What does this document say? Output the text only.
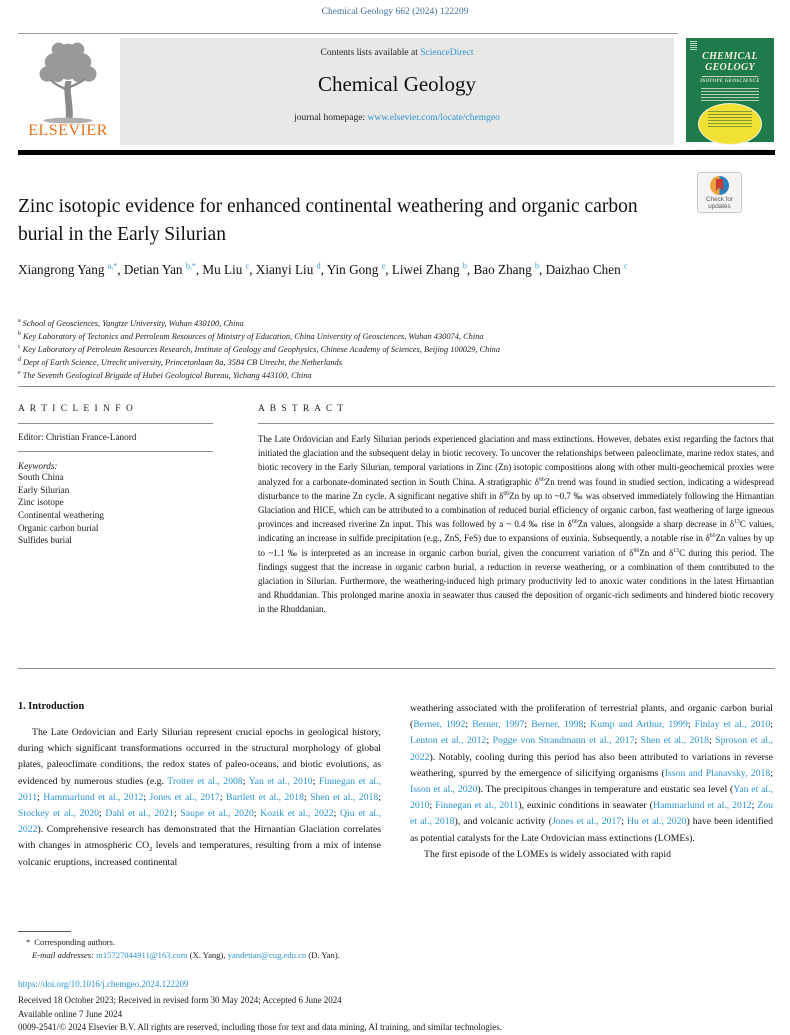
Chemical Geology 662 (2024) 122209
ELSEVIER
Contents lists available at ScienceDirect
Chemical Geology
journal homepage: www.elsevier.com/locate/chemgeo
CHEMICAL
GEOLOGY
ISOTOPE GEOSCIENCE
Check for
updates
Zinc isotopic evidence for enhanced continental weathering and organic carbon burial in the Early Silurian
Xiangrong Yang $^{a,*}$, Detian Yan $^{b,*}$, Mu Liu $^c$, Xianyi Liu $^d$, Yin Gong $^e$, Liwei Zhang $^b$, Bao Zhang $^b$, Daizhao Chen $^c$
$^a$ School of Geosciences, Yangtze University, Wuhan 430100, China
$^b$ Key Laboratory of Tectonics and Petroleum Resources of Ministry of Education, China University of Geosciences, Wuhan 430074, China
$^c$ Key Laboratory of Petroleum Resources Research, Institute of Geology and Geophysics, Chinese Academy of Sciences, Beijing 100029, China
$^d$ Dept of Earth Science, Utrecht university, Princetonlaan 8a, 3584 CB Utrecht, the Netherlands
$^e$ The Seventh Geological Brigade of Hubei Geological Bureau, Yichang 443100, China
A R T I C L E I N F O
Editor: Christian France-Lanord
Keywords:
South China
Early Silurian
Zinc isotope
Continental weathering
Organic carbon burial
Sulfides burial
A B S T R A C T
The Late Ordovician and Early Silurian periods experienced glaciation and mass extinctions. However, debates exist regarding the factors that initiated the glaciation and the subsequent delay in biotic recovery. To uncover the relationships between paleoclimate, marine redox states, and biotic recovery in the Early Silurian, temporal variations in Zinc (Zn) isotopic compositions along with other multi-geochemical proxies were analyzed for a carbonate-dominated section in South China. A stratigraphic $\delta^{66}Zn$ trend was found in studied section, indicating a widespread disturbance to the marine Zn cycle. A significant negative shift in $\delta^{66}Zn$ by up to ~0.7 ‰ was observed immediately following the Hirnantian Glaciation and HICE, which can be attributed to a combination of reduced burial efficiency of organic carbon, fast weathering of large igneous provinces and increased riverine Zn input. This was followed by a ~ 0.4 ‰ rise in $\delta^{66}Zn$ values, alongside a sharp decrease in $\delta^{13}C$ values, indicating an increase in sulfide precipitation (e.g., ZnS, FeS) due to expansions of euxinia. Subsequently, a notable rise in $\delta^{66}Zn$ values by up to ~1.1 ‰ is interpreted as an increase in organic carbon burial, given the concurrent variation of $\delta^{66}Zn$ and $\delta^{13}C$ during this period. The findings suggest that the increase in organic carbon burial, a reduction in reverse weathering, or a combination of them contributed to the glaciation in Silurian. Furthermore, the weathering-induced high primary productivity led to anoxic water conditions in the latest Hirnantian and Rhuddanian. This prolonged marine anoxia in seawater thus caused the deposition of organic-rich sediments and hindered biotic recovery in the Rhuddanian.
1. Introduction

The Late Ordovician and Early Silurian represent crucial epochs in geological history, during which significant transformations occurred in the structural morphology of global plates, paleoclimate conditions, the redox states of paleo-oceans, and biotic evolutions, as evidenced by numerous studies (e.g. Trotter et al., 2008; Yan et al., 2010; Finnegan et al., 2011; Hammarlund et al., 2012; Jones et al., 2017; Bartlett et al., 2018; Shen et al., 2018; Stockey et al., 2020; Dahl et al., 2021; Saupe et al., 2020; Kozik et al., 2022; Qiu et al., 2022). Comprehensive research has demonstrated that the Hirnantian Glaciation correlates with changes in atmospheric $CO_2$ levels and temperatures, resulting from a mix of intense volcanic eruptions, increased continental

weathering associated with the proliferation of terrestrial plants, and organic carbon burial (Berner, 1992; Berner, 1997; Berner, 1998; Kump and Arthur, 1999; Finlay et al., 2010; Lenton et al., 2012; Pogge von Strandmann et al., 2017; Shen et al., 2018; Sproson et al., 2022). Notably, cooling during this period has also been attributed to variations in reverse weathering, spurred by the emergence of silicifying organisms (Isson and Planavsky, 2018; Isson et al., 2020). The precipitous changes in temperature and eustatic sea level (Yan et al., 2010; Finnegan et al., 2011), euxinic conditions in seawater (Hammarlund et al., 2012; Zou et al., 2018), and volcanic activity (Jones et al., 2017; Hu et al., 2020) have been identified as potential catalysts for the Late Ordovician mass extinctions (LOMEs).

The first episode of the LOMEs is widely associated with rapid

* Corresponding authors.
E-mail addresses: m15727044911@163.com (X. Yang), yandetian@cug.edu.cn (D. Yan).
https://doi.org/10.1016/j.chemgeo.2024.122209
Received 18 October 2023; Received in revised form 30 May 2024; Accepted 6 June 2024
Available online 7 June 2024
0009-2541/© 2024 Elsevier B.V. All rights are reserved, including those for text and data mining, AI training, and similar technologies.
